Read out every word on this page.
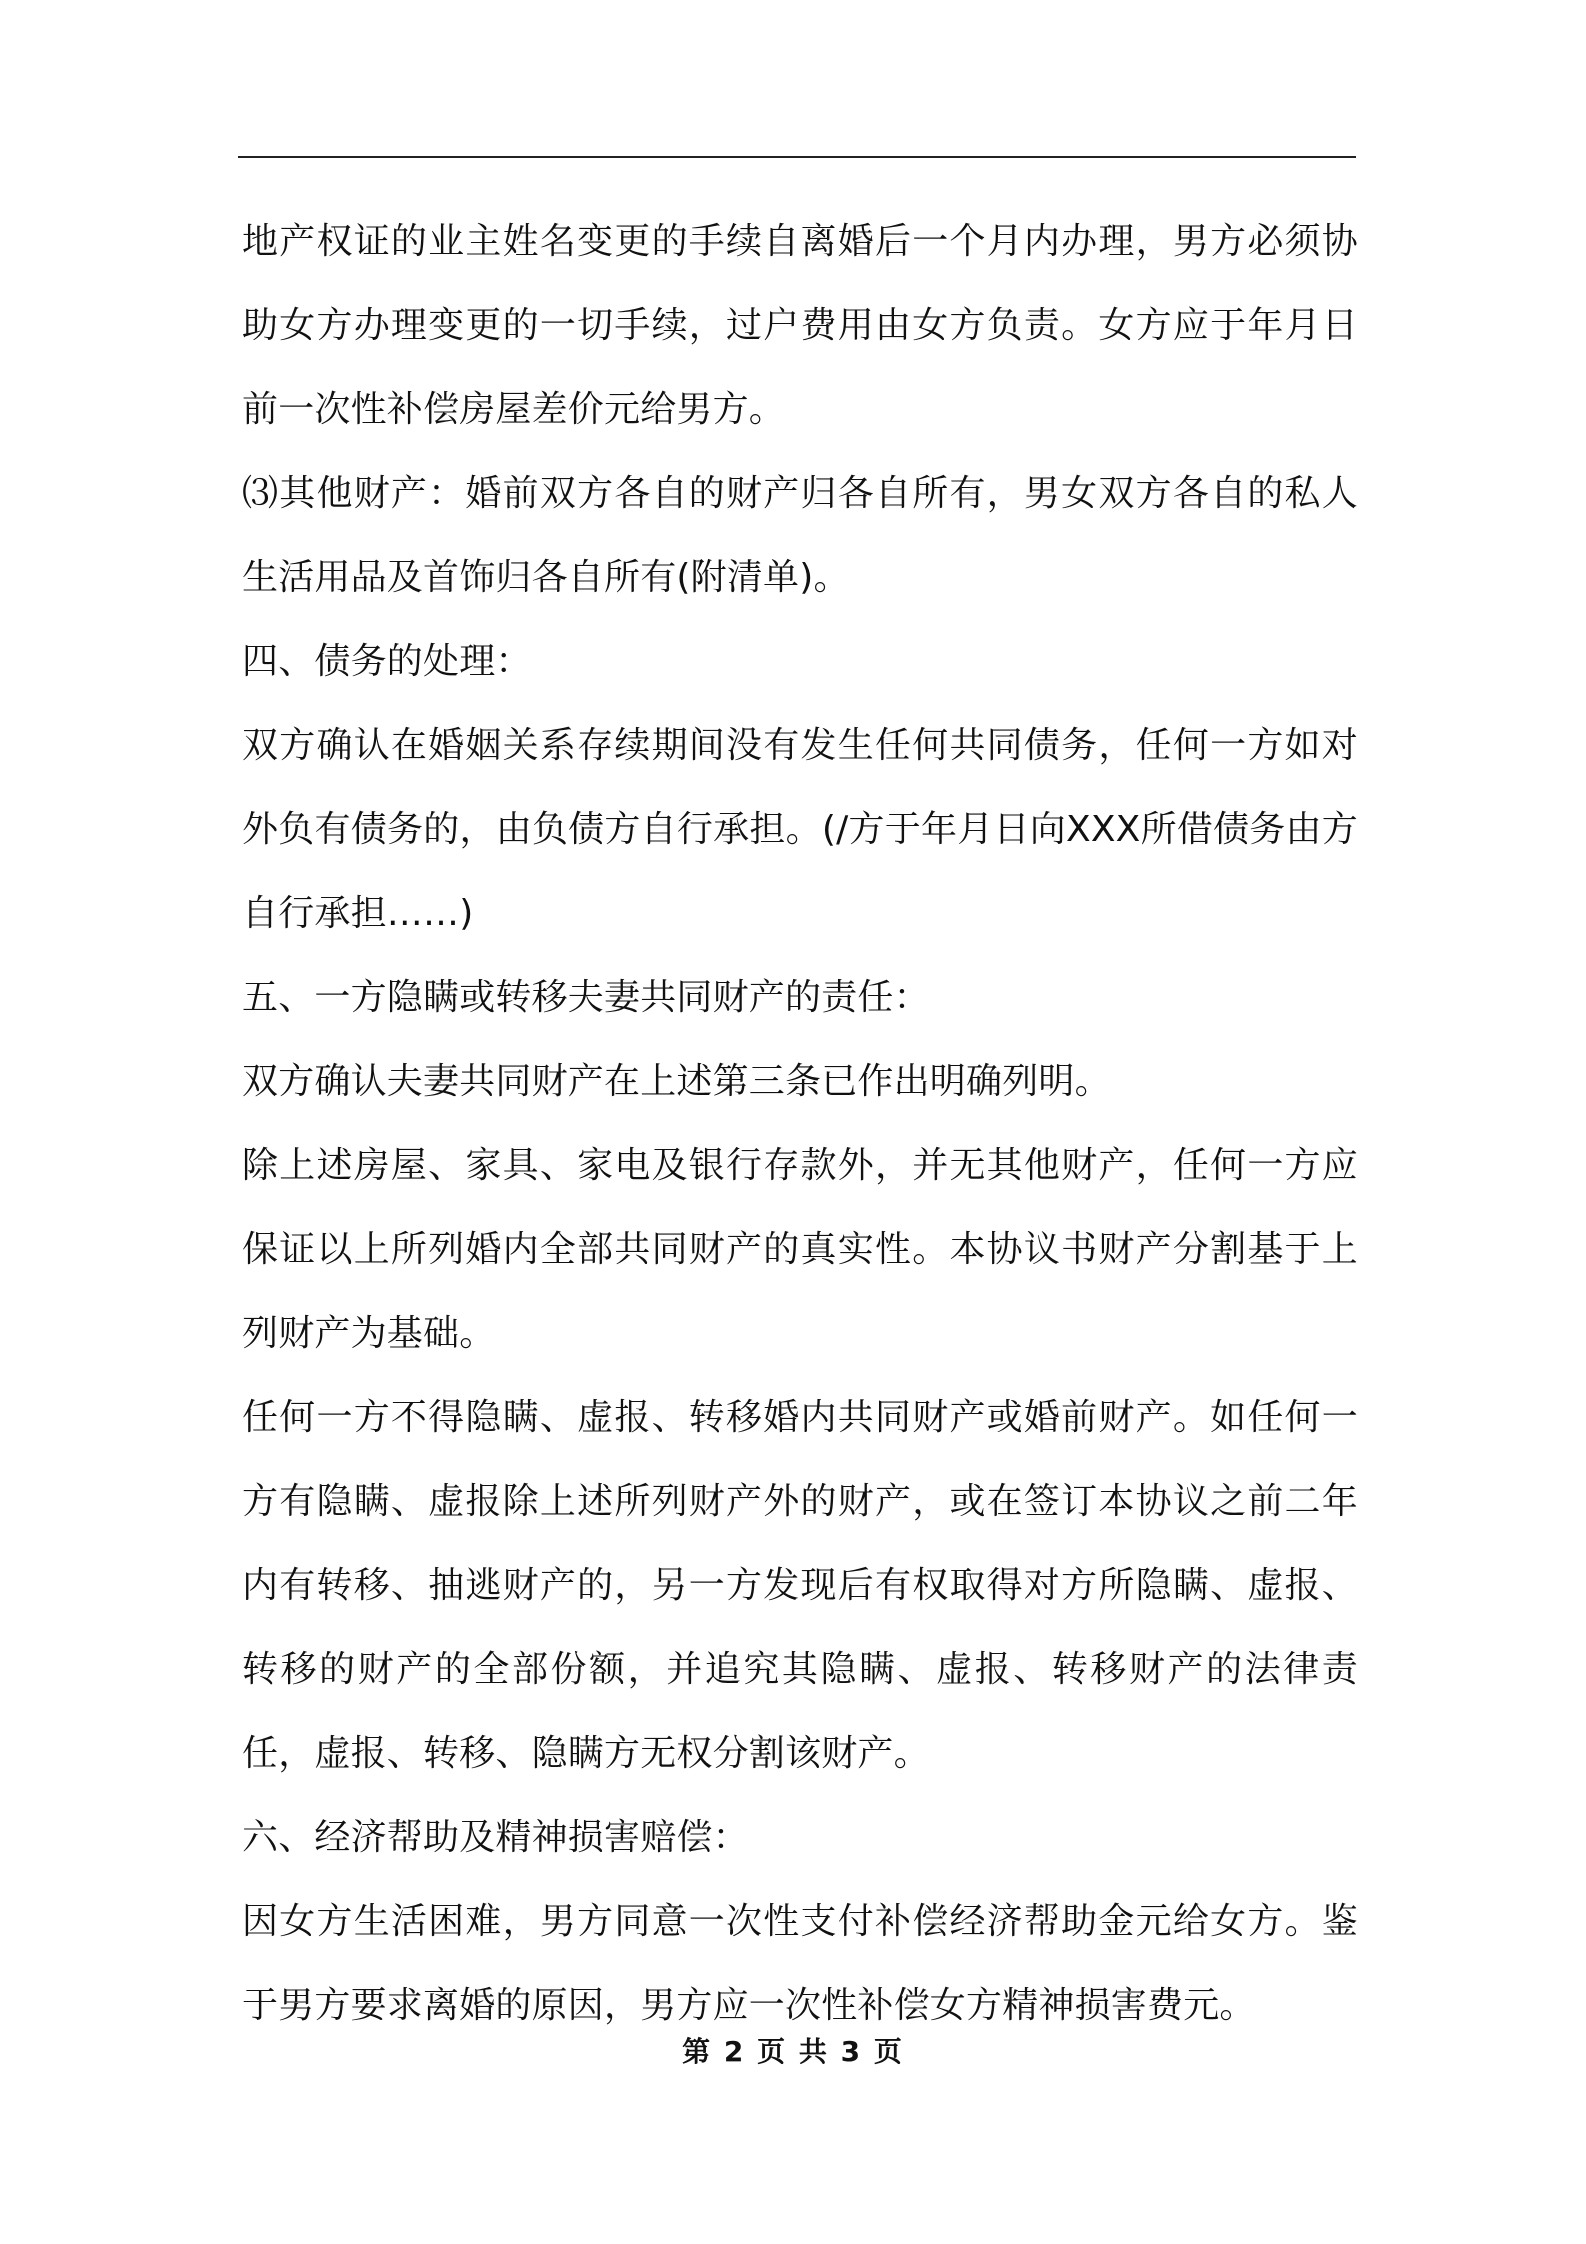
地产权证的业主姓名变更的手续自离婚后一个月内办理，男方必须协助女方办理变更的一切手续，过户费用由女方负责。女方应于年月日前一次性补偿房屋差价元给男方。

⑶其他财产：婚前双方各自的财产归各自所有，男女双方各自的私人生活用品及首饰归各自所有(附清单)。

四、债务的处理：

双方确认在婚姻关系存续期间没有发生任何共同债务，任何一方如对外负有债务的，由负债方自行承担。(/方于年月日向XXX所借债务由方自行承担……)

五、一方隐瞒或转移夫妻共同财产的责任：

双方确认夫妻共同财产在上述第三条已作出明确列明。

除上述房屋、家具、家电及银行存款外，并无其他财产，任何一方应保证以上所列婚内全部共同财产的真实性。本协议书财产分割基于上列财产为基础。

任何一方不得隐瞒、虚报、转移婚内共同财产或婚前财产。如任何一方有隐瞒、虚报除上述所列财产外的财产，或在签订本协议之前二年内有转移、抽逃财产的，另一方发现后有权取得对方所隐瞒、虚报、转移的财产的全部份额，并追究其隐瞒、虚报、转移财产的法律责任，虚报、转移、隐瞒方无权分割该财产。

六、经济帮助及精神损害赔偿：

因女方生活困难，男方同意一次性支付补偿经济帮助金元给女方。鉴于男方要求离婚的原因，男方应一次性补偿女方精神损害费元。

第 2 页 共 3 页
